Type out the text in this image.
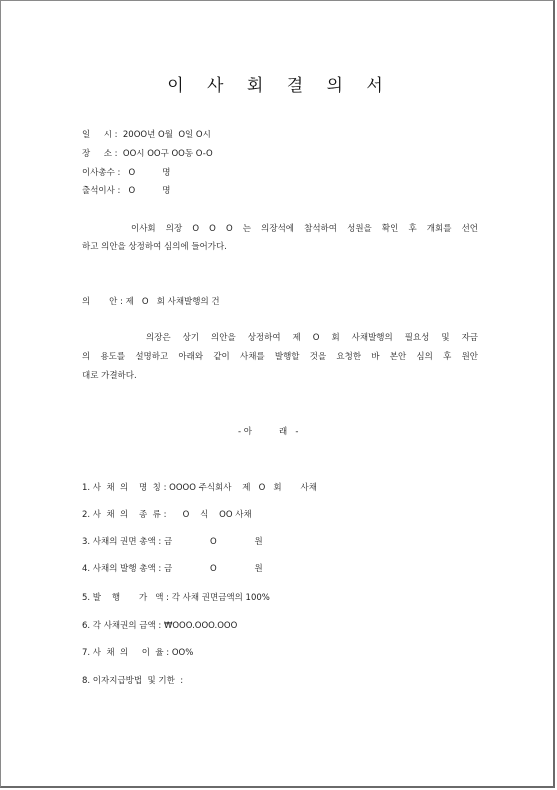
이 사 회 결 의 서
일     시 :  20OO년 O월  O일 O시
장     소 :  OO시 OO구 OO동 O-O
이사총수 :   O          명
출석이사 :   O          명
이사회 의장 O O O 는 의장석에 참석하여 성원을 확인 후 개회를 선언
하고 의안을 상정하여 심의에 들어가다.
의       안 : 제   O   회 사채발행의 건
의장은 상기 의안을 상정하여 제 O 회 사채발행의 필요성 및 자금
의 용도를 설명하고 아래와 같이 사채를 발행할 것을 요청한 바 본안 심의 후 원안
대로 가결하다.
- 아          래   -
1. 사  채  의    명  칭 : OOOO 주식회사    제   O   회       사채
2. 사  채  의    종  류 :      O    식    OO 사채
3. 사채의 권면 총액 : 금              O              원
4. 사채의 발행 총액 : 금              O              원
5. 발    행       가   액 : 각 사채 권면금액의 100%
6. 각 사채권의 금액 : ₩OOO.OOO.OOO
7. 사  채  의     이  율 : OO%
8. 이자지급방법  및 기한  :
